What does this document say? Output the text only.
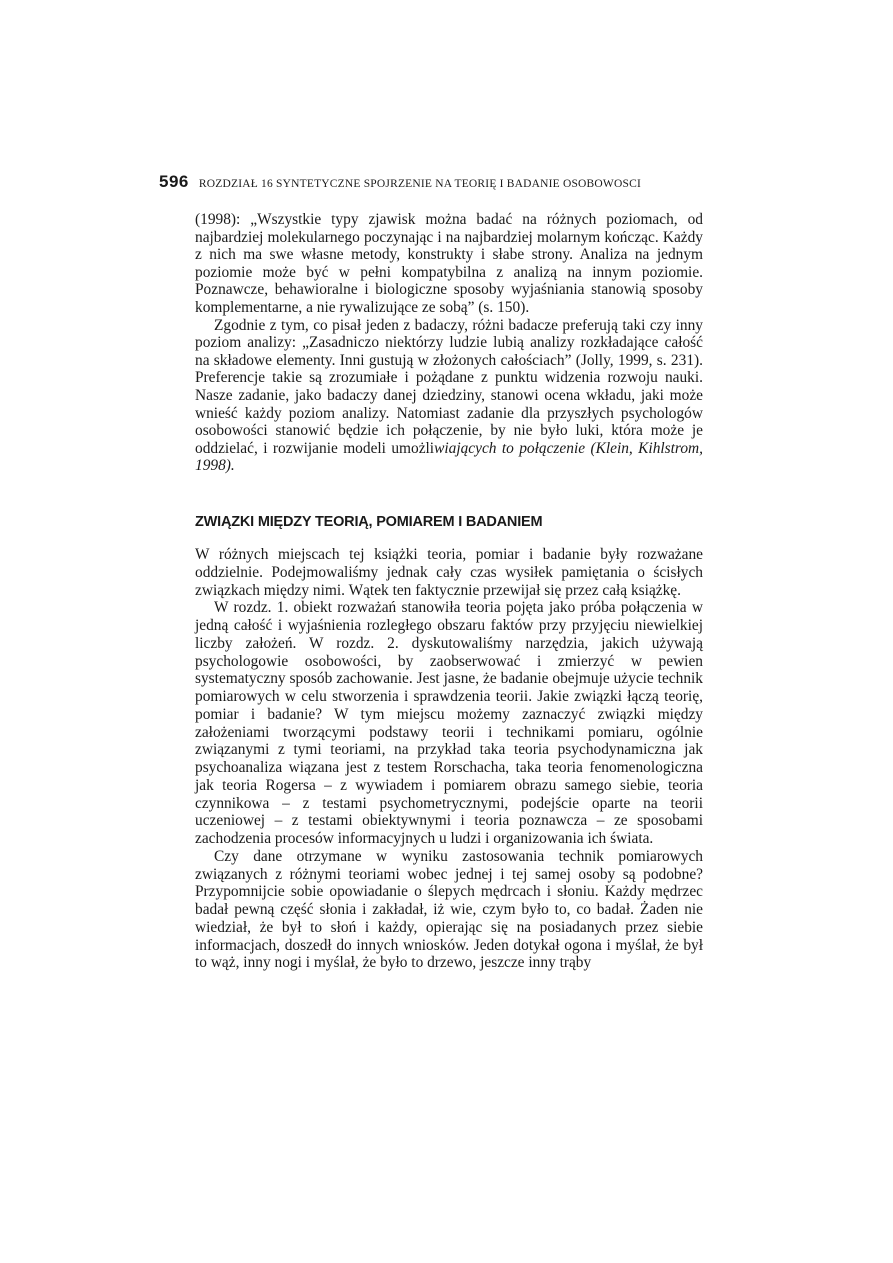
596 ROZDZIAŁ 16 SYNTETYCZNE SPOJRZENIE NA TEORIĘ I BADANIE OSOBOWOSCI

(1998): „Wszystkie typy zjawisk można badać na różnych poziomach, od najbardziej molekularnego poczynając i na najbardziej molarnym kończąc. Każdy z nich ma swe własne metody, konstrukty i słabe strony. Analiza na jednym poziomie może być w pełni kompatybilna z analizą na innym poziomie. Poznawcze, behawioralne i biologiczne sposoby wyjaśniania stanowią sposoby komplementarne, a nie rywalizujące ze sobą” (s. 150).

Zgodnie z tym, co pisał jeden z badaczy, różni badacze preferują taki czy inny poziom analizy: „Zasadniczo niektórzy ludzie lubią analizy rozkładające całość na składowe elementy. Inni gustują w złożonych całościach” (Jolly, 1999, s. 231). Preferencje takie są zrozumiałe i pożądane z punktu widzenia rozwoju nauki. Nasze zadanie, jako badaczy danej dziedziny, stanowi ocena wkładu, jaki może wnieść każdy poziom analizy. Natomiast zadanie dla przyszłych psychologów osobowości stanowić będzie ich połączenie, by nie było luki, która może je oddzielać, i rozwijanie modeli umożliwiających to połączenie (Klein, Kihlstrom, 1998).

ZWIĄZKI MIĘDZY TEORIĄ, POMIAREM I BADANIEM

W różnych miejscach tej książki teoria, pomiar i badanie były rozważane oddzielnie. Podejmowaliśmy jednak cały czas wysiłek pamiętania o ścisłych związkach między nimi. Wątek ten faktycznie przewijał się przez całą książkę.

W rozdz. 1. obiekt rozważań stanowiła teoria pojęta jako próba połączenia w jedną całość i wyjaśnienia rozległego obszaru faktów przy przyjęciu niewielkiej liczby założeń. W rozdz. 2. dyskutowaliśmy narzędzia, jakich używają psychologowie osobowości, by zaobserwować i zmierzyć w pewien systematyczny sposób zachowanie. Jest jasne, że badanie obejmuje użycie technik pomiarowych w celu stworzenia i sprawdzenia teorii. Jakie związki łączą teorię, pomiar i badanie? W tym miejscu możemy zaznaczyć związki między założeniami tworzącymi podstawy teorii i technikami pomiaru, ogólnie związanymi z tymi teoriami, na przykład taka teoria psychodynamiczna jak psychoanaliza wiązana jest z testem Rorschacha, taka teoria fenomenologiczna jak teoria Rogersa – z wywiadem i pomiarem obrazu samego siebie, teoria czynnikowa – z testami psychometrycznymi, podejście oparte na teorii uczeniowej – z testami obiektywnymi i teoria poznawcza – ze sposobami zachodzenia procesów informacyjnych u ludzi i organizowania ich świata.

Czy dane otrzymane w wyniku zastosowania technik pomiarowych związanych z różnymi teoriami wobec jednej i tej samej osoby są podobne? Przypomnijcie sobie opowiadanie o ślepych mędrcach i słoniu. Każdy mędrzec badał pewną część słonia i zakładał, iż wie, czym było to, co badał. Żaden nie wiedział, że był to słoń i każdy, opierając się na posiadanych przez siebie informacjach, doszedł do innych wniosków. Jeden dotykał ogona i myślał, że był to wąż, inny nogi i myślał, że było to drzewo, jeszcze inny trąby
